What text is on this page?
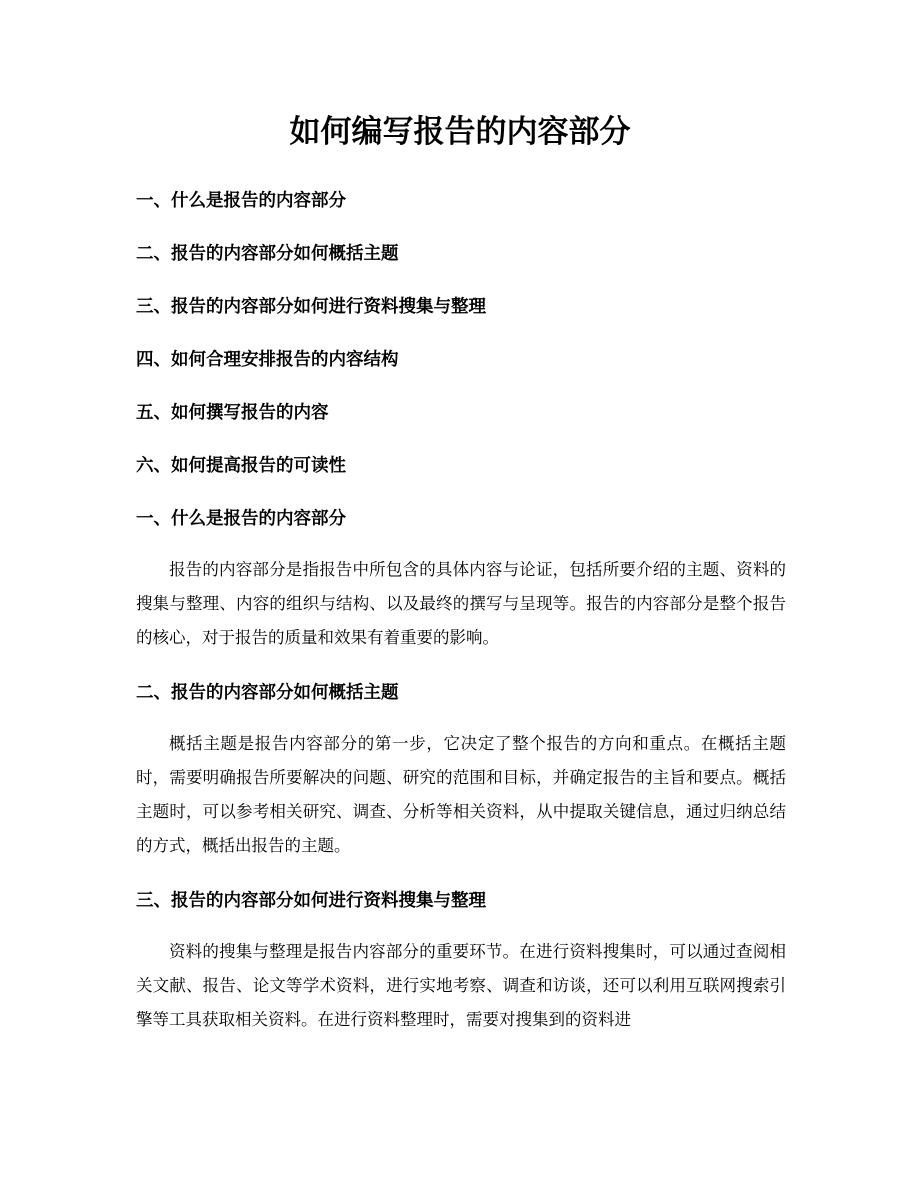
如何编写报告的内容部分
一、什么是报告的内容部分
二、报告的内容部分如何概括主题
三、报告的内容部分如何进行资料搜集与整理
四、如何合理安排报告的内容结构
五、如何撰写报告的内容
六、如何提高报告的可读性
一、什么是报告的内容部分

报告的内容部分是指报告中所包含的具体内容与论证，包括所要介绍的主题、资料的搜集与整理、内容的组织与结构、以及最终的撰写与呈现等。报告的内容部分是整个报告的核心，对于报告的质量和效果有着重要的影响。

二、报告的内容部分如何概括主题

概括主题是报告内容部分的第一步，它决定了整个报告的方向和重点。在概括主题时，需要明确报告所要解决的问题、研究的范围和目标，并确定报告的主旨和要点。概括主题时，可以参考相关研究、调查、分析等相关资料，从中提取关键信息，通过归纳总结的方式，概括出报告的主题。

三、报告的内容部分如何进行资料搜集与整理

资料的搜集与整理是报告内容部分的重要环节。在进行资料搜集时，可以通过查阅相关文献、报告、论文等学术资料，进行实地考察、调查和访谈，还可以利用互联网搜索引擎等工具获取相关资料。在进行资料整理时，需要对搜集到的资料进
